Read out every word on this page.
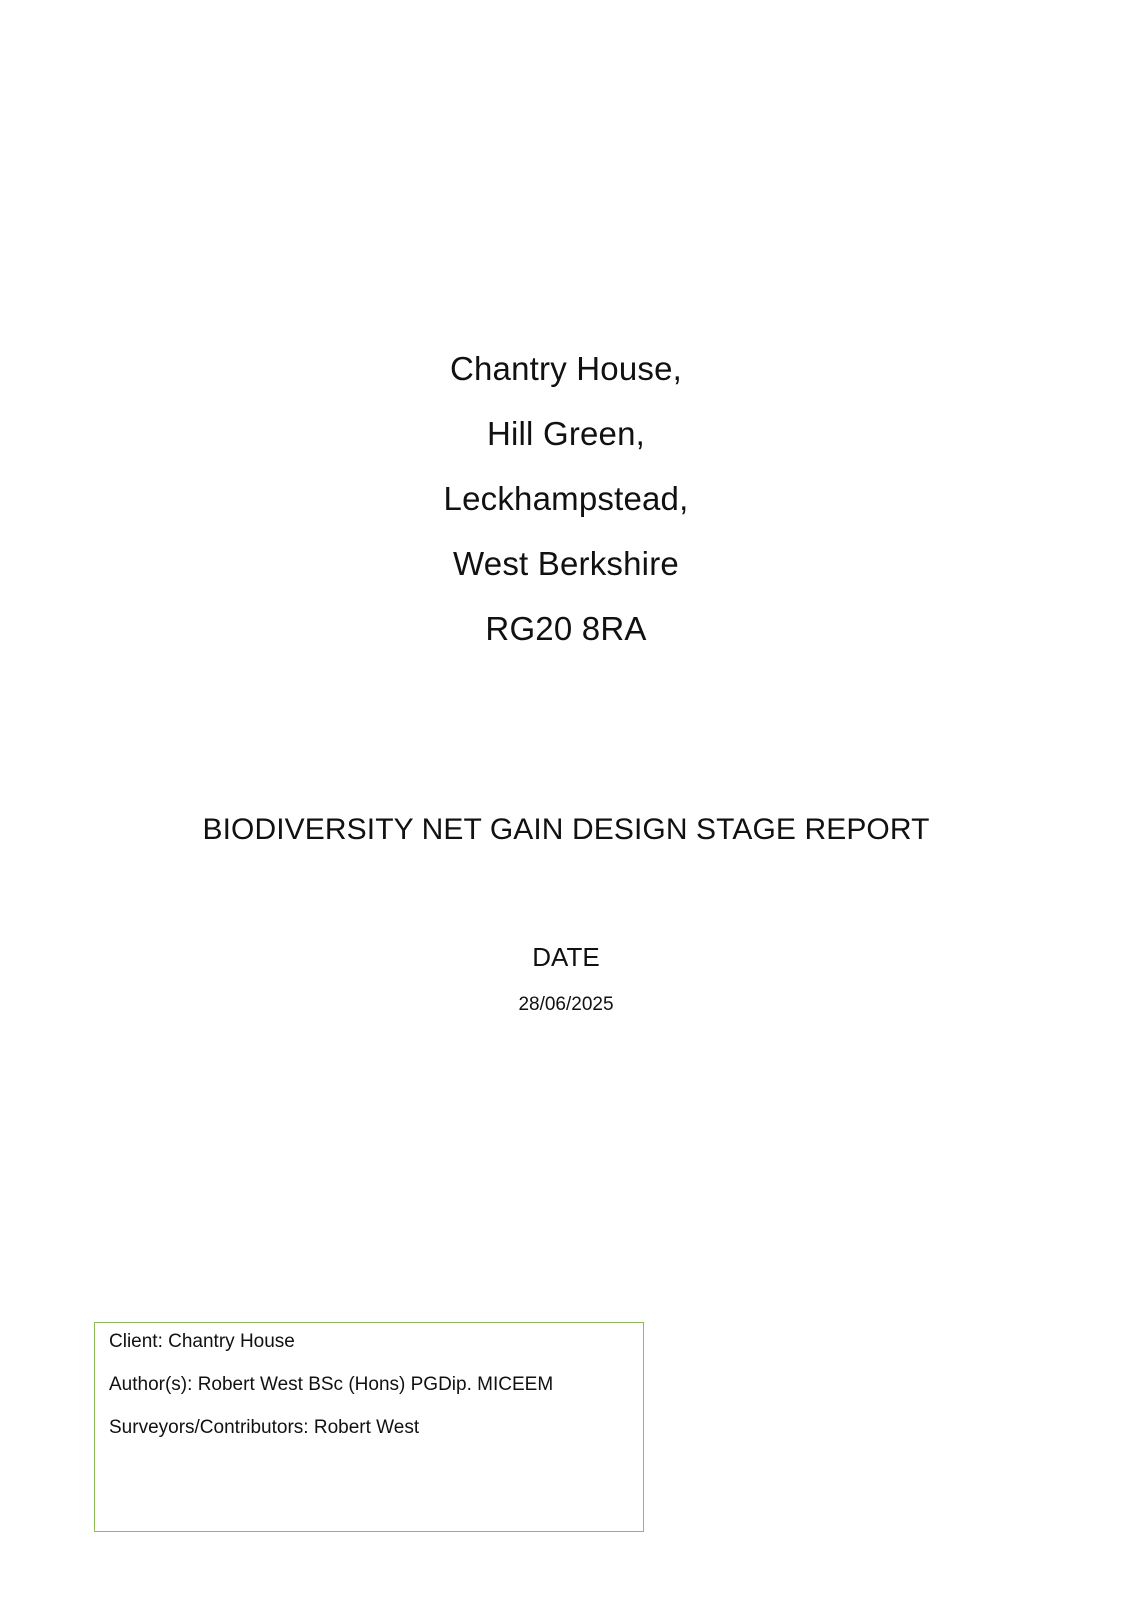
Chantry House,
Hill Green,
Leckhampstead,
West Berkshire
RG20 8RA
BIODIVERSITY NET GAIN DESIGN STAGE REPORT
DATE
28/06/2025
Client: Chantry House
Author(s): Robert West BSc (Hons) PGDip. MICEEM
Surveyors/Contributors: Robert West
